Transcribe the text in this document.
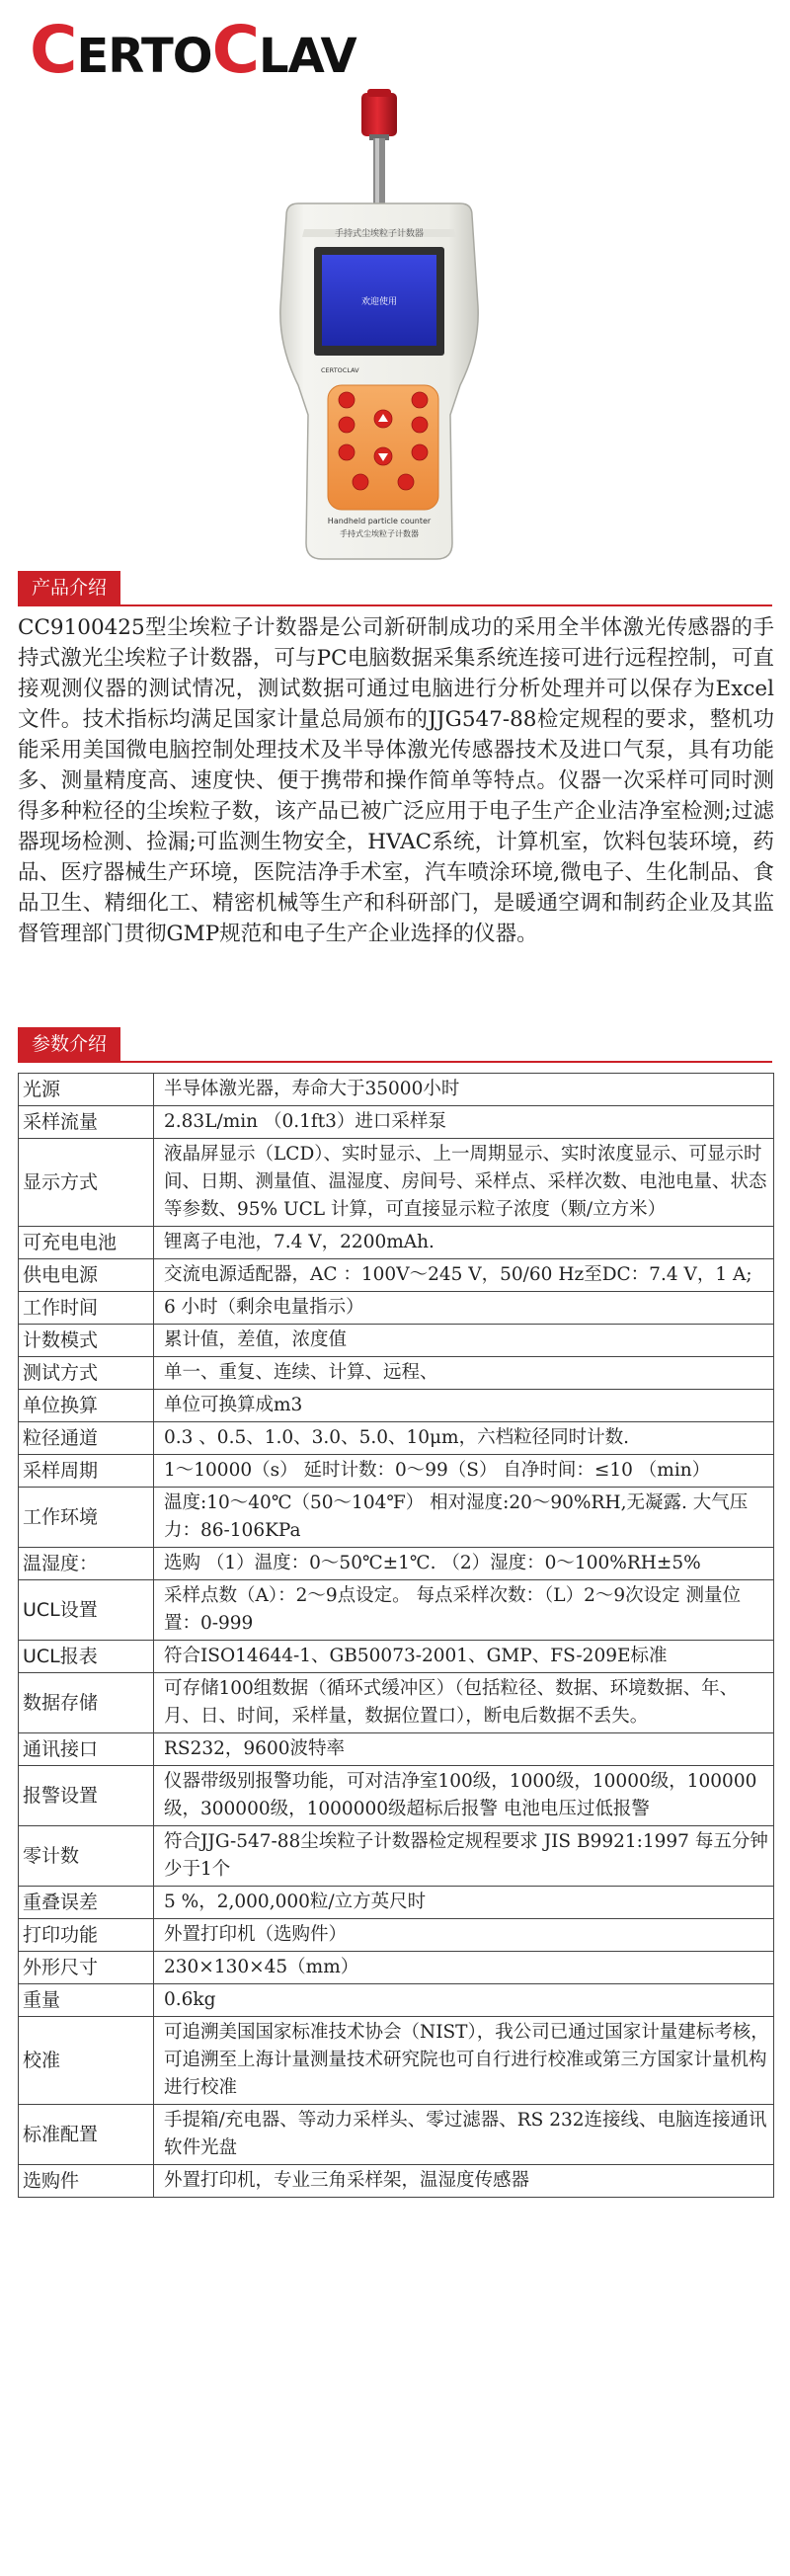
C ERTO C LAV
手持式尘埃粒子计数器
欢迎使用
CERTOCLAV
Handheld particle counter
手持式尘埃粒子计数器
产品介绍

CC9100425型尘埃粒子计数器是公司新研制成功的采用全半体激光传感器的手持式激光尘埃粒子计数器，可与PC电脑数据采集系统连接可进行远程控制，可直接观测仪器的测试情况，测试数据可通过电脑进行分析处理并可以保存为Excel文件。技术指标均满足国家计量总局颁布的JJG547-88检定规程的要求，整机功能采用美国微电脑控制处理技术及半导体激光传感器技术及进口气泵，具有功能多、测量精度高、速度快、便于携带和操作简单等特点。仪器一次采样可同时测得多种粒径的尘埃粒子数，该产品已被广泛应用于电子生产企业洁净室检测;过滤器现场检测、捡漏;可监测生物安全，HVAC系统，计算机室，饮料包装环境，药品、医疗器械生产环境，医院洁净手术室，汽车喷涂环境,微电子、生化制品、食品卫生、精细化工、精密机械等生产和科研部门，是暖通空调和制药企业及其监督管理部门贯彻GMP规范和电子生产企业选择的仪器。

参数介绍
光源	半导体激光器，寿命大于35000小时
采样流量	2.83L/min （0.1ft3）进口采样泵
显示方式	液晶屏显示（LCD）、实时显示、上一周期显示、实时浓度显示、可显示时间、日期、测量值、温湿度、房间号、采样点、采样次数、电池电量、状态等参数、95% UCL 计算，可直接显示粒子浓度（颗/立方米）
可充电电池	锂离子电池，7.4 V，2200mAh.
供电电源	交流电源适配器，AC ：100V～245 V，50/60 Hz至DC：7.4 V，1 A;
工作时间	6 小时（剩余电量指示）
计数模式	累计值，差值，浓度值
测试方式	单一、重复、连续、计算、远程、
单位换算	单位可换算成m3
粒径通道	0.3 、0.5、1.0、3.0、5.0、10μm，六档粒径同时计数.
采样周期	1～10000（s） 延时计数：0～99（S） 自净时间：≤10 （min）
工作环境	温度:10～40℃（50～104℉） 相对湿度:20～90%RH,无凝露. 大气压力：86-106KPa
温湿度：	选购 （1）温度：0～50℃±1℃. （2）湿度：0～100%RH±5%
UCL设置	采样点数（A）：2～9点设定。 每点采样次数：（L）2～9次设定 测量位置：0-999
UCL报表	符合ISO14644-1、GB50073-2001、GMP、FS-209E标准
数据存储	可存储100组数据（循环式缓冲区）（包括粒径、数据、环境数据、年、月、日、时间，采样量，数据位置口），断电后数据不丢失。
通讯接口	RS232，9600波特率
报警设置	仪器带级别报警功能，可对洁净室100级，1000级，10000级，100000级，300000级，1000000级超标后报警 电池电压过低报警
零计数	符合JJG-547-88尘埃粒子计数器检定规程要求 JIS B9921:1997 每五分钟少于1个
重叠误差	5 %，2,000,000粒/立方英尺时
打印功能	外置打印机（选购件）
外形尺寸	230×130×45（mm）
重量	0.6kg
校准	可追溯美国国家标准技术协会（NIST），我公司已通过国家计量建标考核，可追溯至上海计量测量技术研究院也可自行进行校准或第三方国家计量机构进行校准
标准配置	手提箱/充电器、等动力采样头、零过滤器、RS 232连接线、电脑连接通讯软件光盘
选购件	外置打印机，专业三角采样架，温湿度传感器
